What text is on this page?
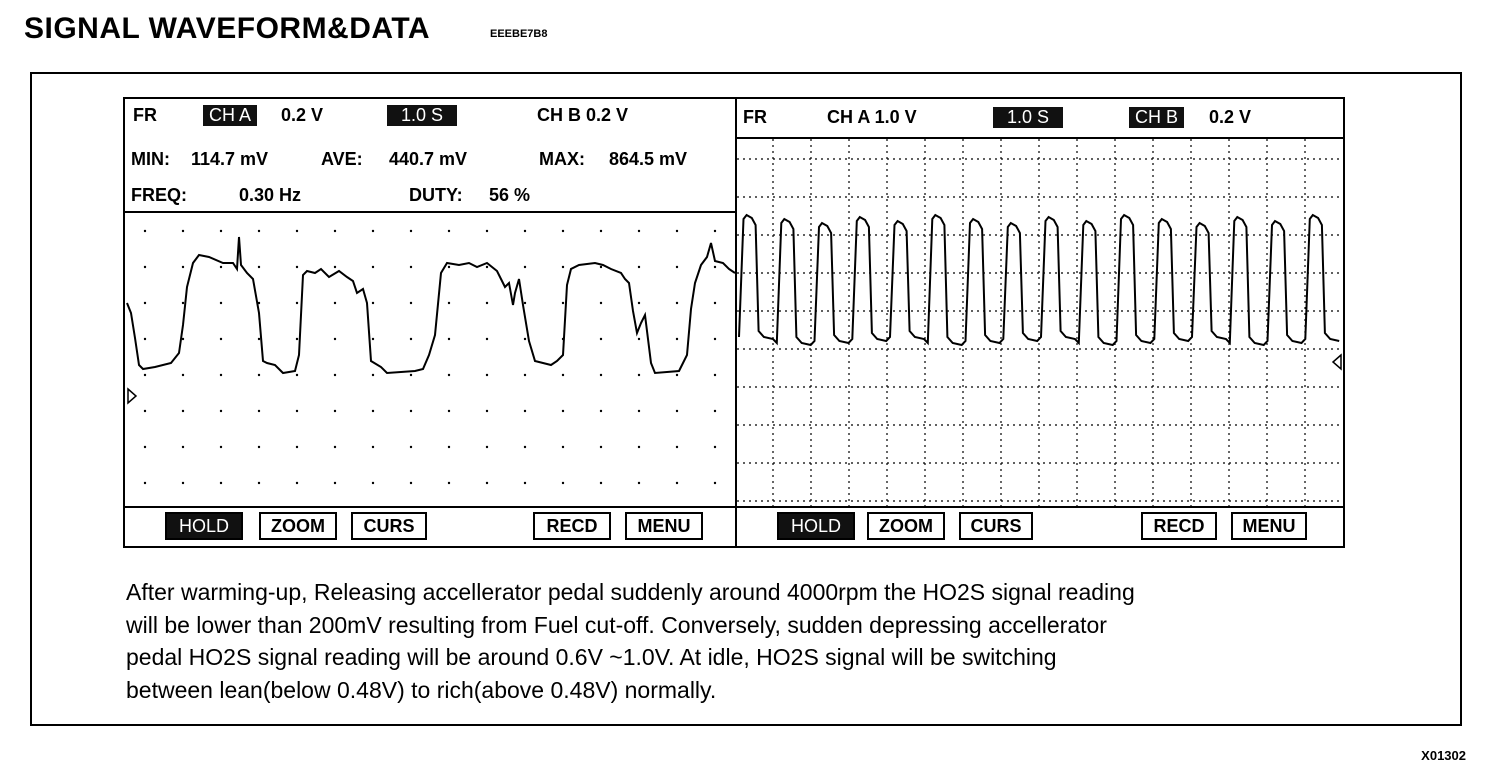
SIGNAL WAVEFORM&DATA	EEEBE7B8
FR	CH A	0.2 V	1.0 S	CH B 0.2 V
MIN: 114.7 mV	AVE: 440.7 mV	MAX: 864.5 mV
FREQ:	0.30 Hz	DUTY: 56 %
HOLD	ZOOM	CURS	RECD	MENU
FR	CH A 1.0 V	1.0 S	CH B	0.2 V
HOLD	ZOOM	CURS	RECD	MENU
After warming-up, Releasing accellerator pedal suddenly around 4000rpm the HO2S signal reading
will be lower than 200mV resulting from Fuel cut-off. Conversely, sudden depressing accellerator
pedal HO2S signal reading will be around 0.6V ~1.0V. At idle, HO2S signal will be switching
between lean(below 0.48V) to rich(above 0.48V) normally.
X01302
